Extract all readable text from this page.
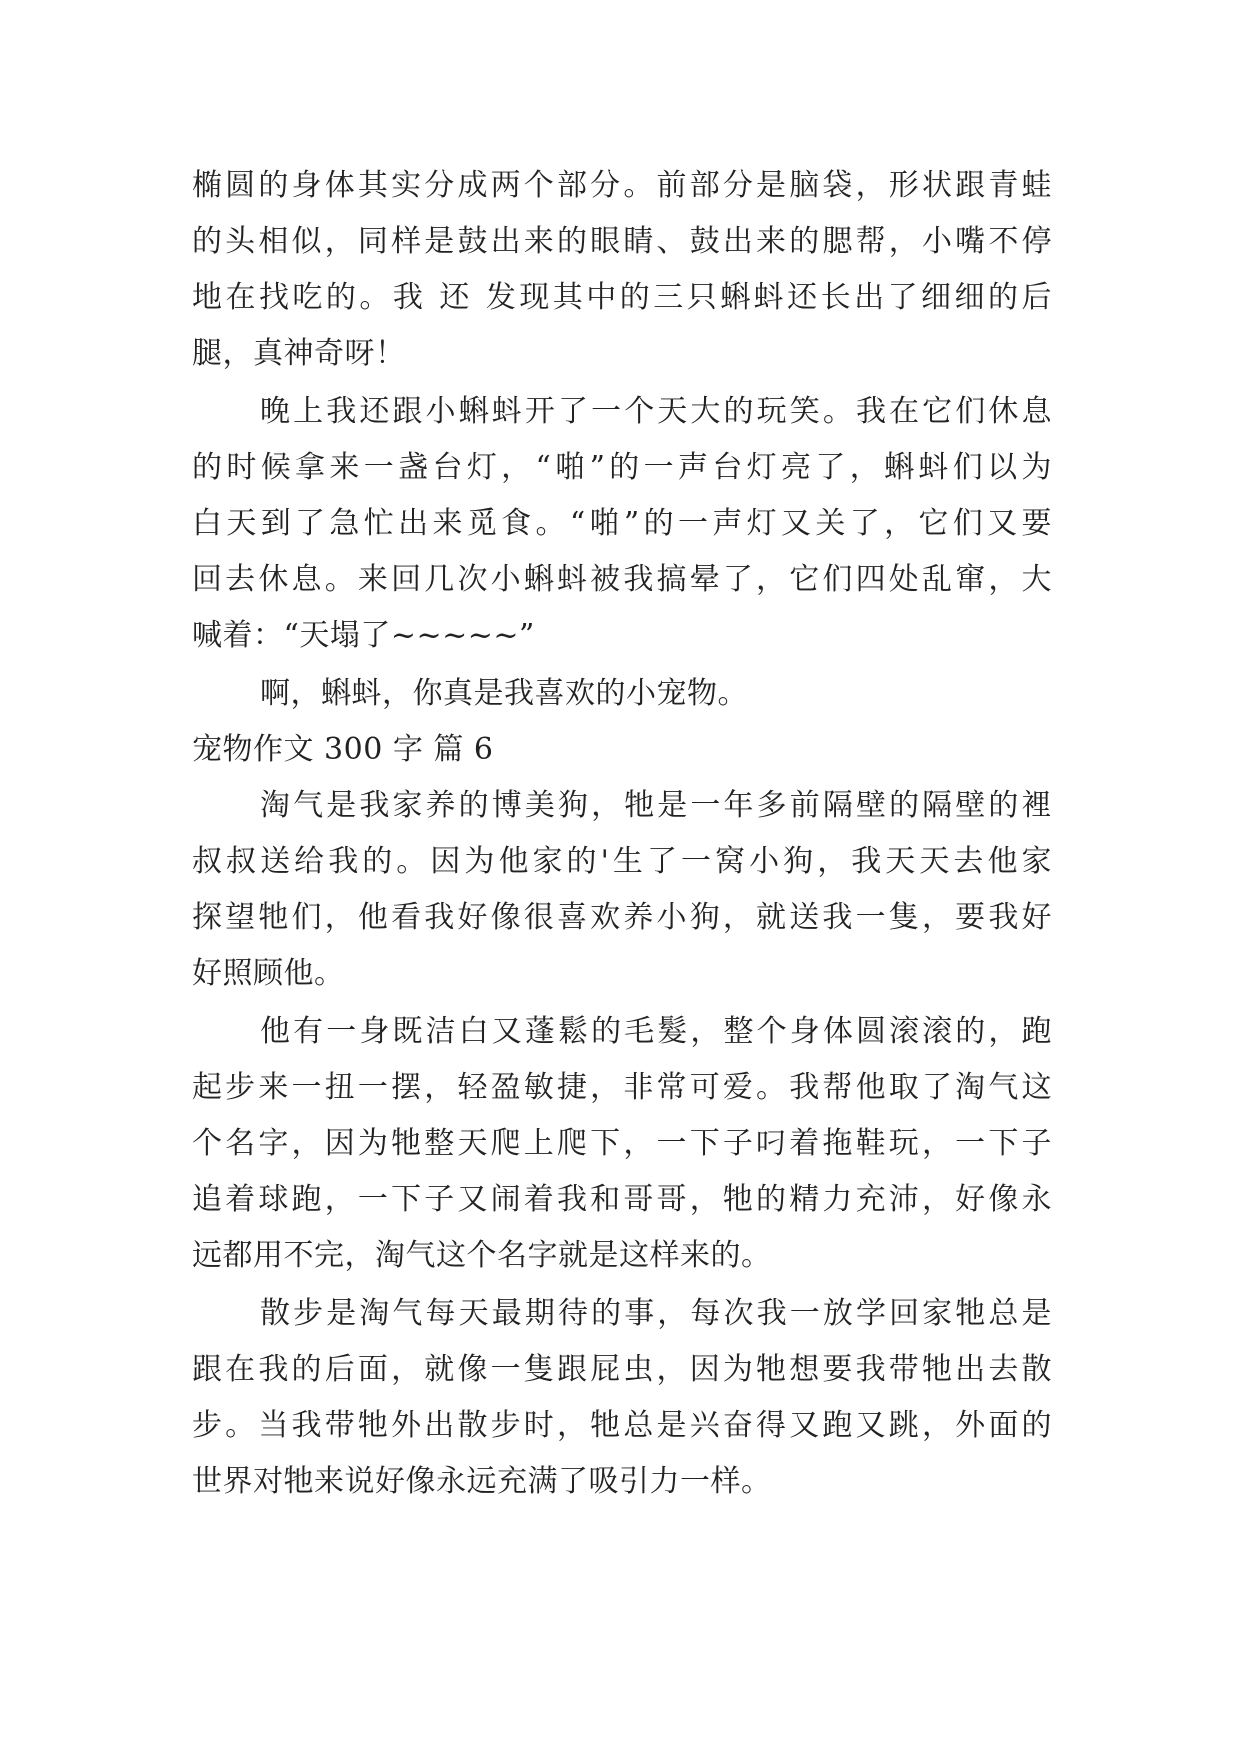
椭圆的身体其实分成两个部分。前部分是脑袋，形状跟青蛙
的头相似，同样是鼓出来的眼睛、鼓出来的腮帮，小嘴不停
地在找吃的。我 还 发现其中的三只蝌蚪还长出了细细的后
腿，真神奇呀！
晚上我还跟小蝌蚪开了一个天大的玩笑。我在它们休息
的时候拿来一盏台灯，“啪”的一声台灯亮了，蝌蚪们以为
白天到了急忙出来觅食。“啪”的一声灯又关了，它们又要
回去休息。来回几次小蝌蚪被我搞晕了，它们四处乱窜，大
喊着：“天塌了~~~~~”
啊，蝌蚪，你真是我喜欢的小宠物。
宠物作文 300 字 篇 6
淘气是我家养的博美狗，牠是一年多前隔壁的隔壁的裡
叔叔送给我的。因为他家的'生了一窝小狗，我天天去他家
探望牠们，他看我好像很喜欢养小狗，就送我一隻，要我好
好照顾他。
他有一身既洁白又蓬鬆的毛髮，整个身体圆滚滚的，跑
起步来一扭一摆，轻盈敏捷，非常可爱。我帮他取了淘气这
个名字，因为牠整天爬上爬下，一下子叼着拖鞋玩，一下子
追着球跑，一下子又闹着我和哥哥，牠的精力充沛，好像永
远都用不完，淘气这个名字就是这样来的。
散步是淘气每天最期待的事，每次我一放学回家牠总是
跟在我的后面，就像一隻跟屁虫，因为牠想要我带牠出去散
步。当我带牠外出散步时，牠总是兴奋得又跑又跳，外面的
世界对牠来说好像永远充满了吸引力一样。
